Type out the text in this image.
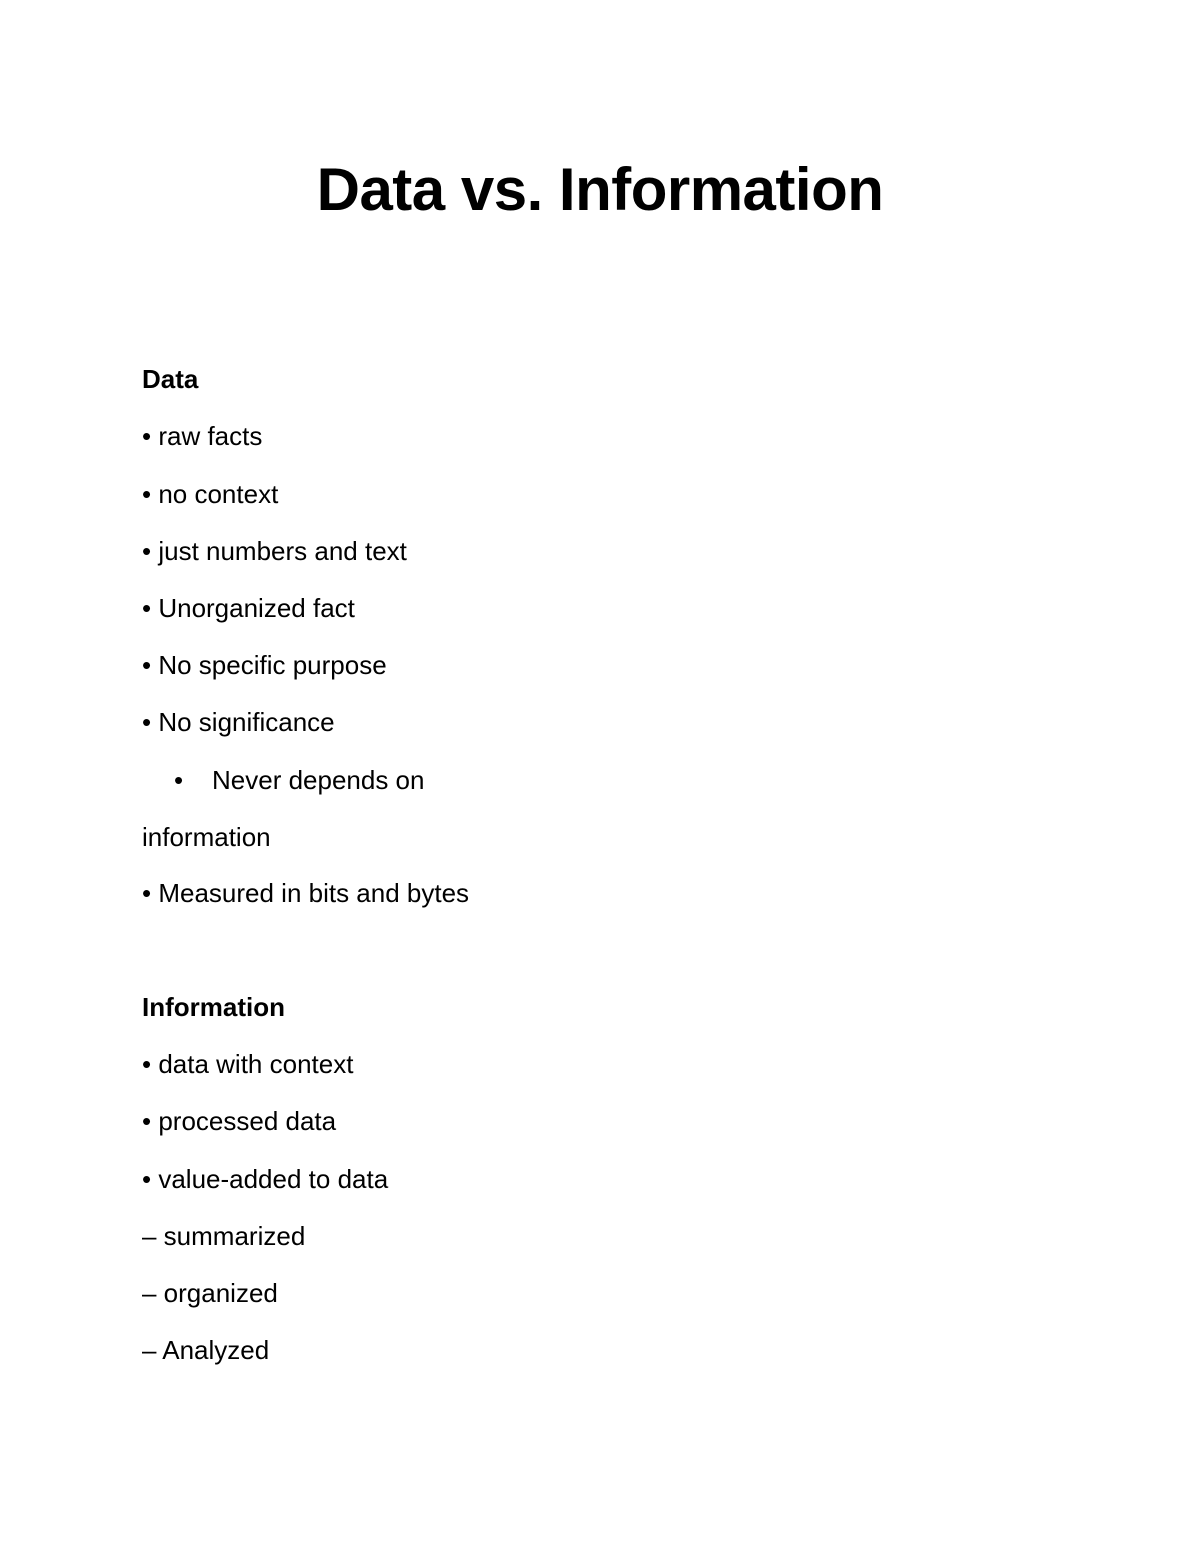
Data vs. Information
Data
• raw facts
• no context
• just numbers and text
• Unorganized fact
• No specific purpose
• No significance
• Never depends on
information
• Measured in bits and bytes
Information
• data with context
• processed data
• value-added to data
– summarized
– organized
– Analyzed
